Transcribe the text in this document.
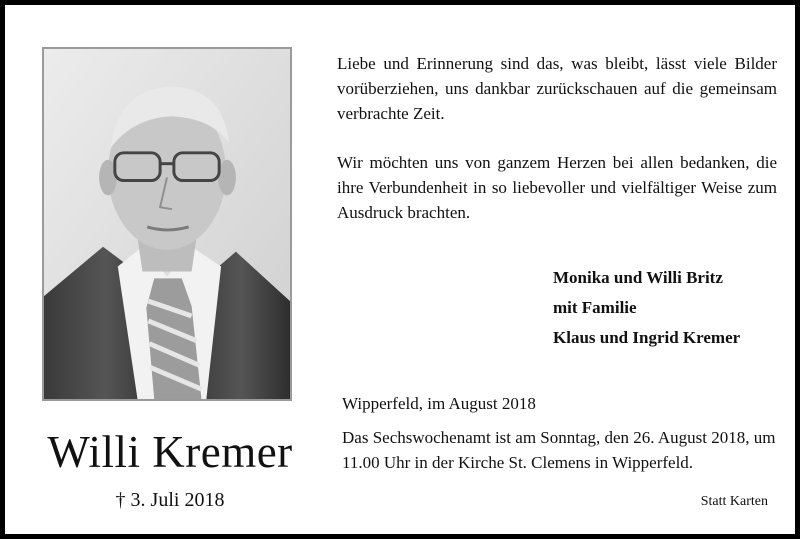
Willi Kremer
† 3. Juli 2018

Liebe und Erinnerung sind das, was bleibt, lässt viele Bilder vorüberziehen, uns dankbar zurückschauen auf die gemeinsam verbrachte Zeit.

Wir möchten uns von ganzem Herzen bei allen bedanken, die ihre Verbundenheit in so liebevoller und vielfältiger Weise zum Ausdruck brachten.

Monika und Willi Britz
mit Familie
Klaus und Ingrid Kremer
Wipperfeld, im August 2018
Das Sechswochenamt ist am Sonntag, den 26. August 2018, um 11.00 Uhr in der Kirche St. Clemens in Wipperfeld.
Statt Karten
